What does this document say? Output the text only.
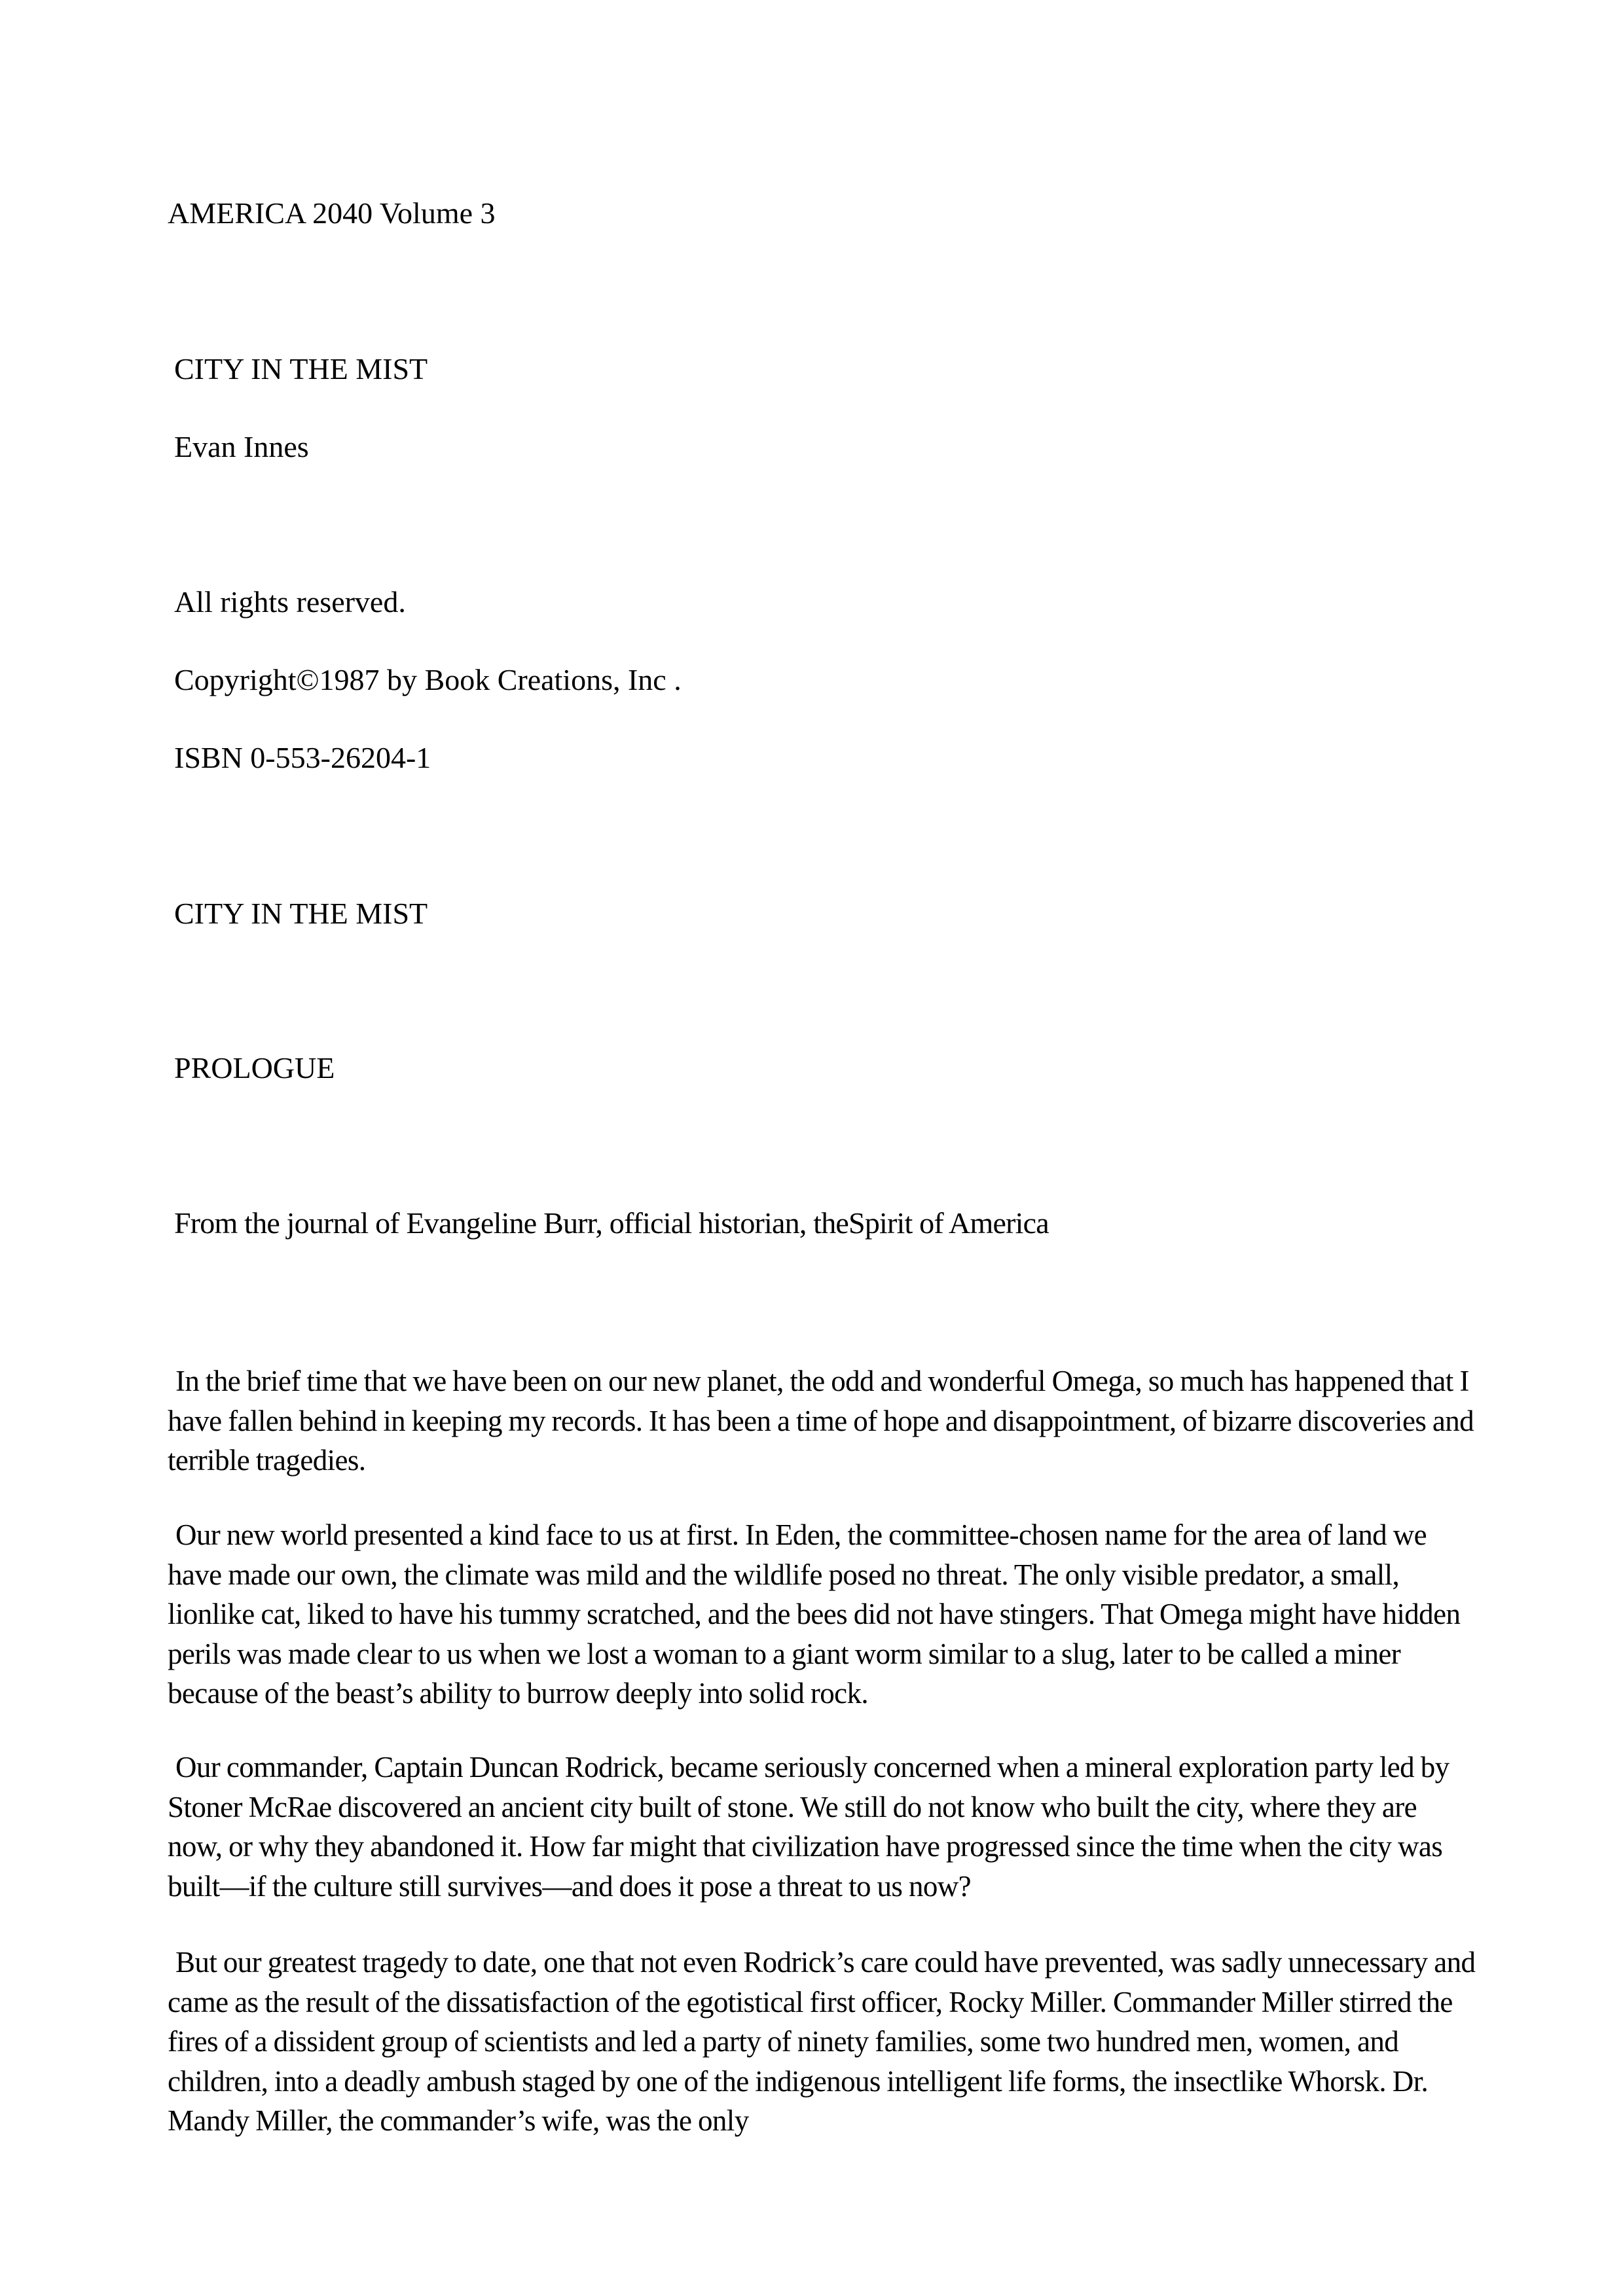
AMERICA 2040 Volume 3

CITY IN THE MIST

Evan Innes

All rights reserved.

Copyright©1987 by Book Creations, Inc .

ISBN 0-553-26204-1

CITY IN THE MIST

PROLOGUE

From the journal of Evangeline Burr, official historian, theSpirit of America

In the brief time that we have been on our new planet, the odd and wonderful Omega, so much has happened that I have fallen behind in keeping my records. It has been a time of hope and disappointment, of bizarre discoveries and terrible tragedies.

Our new world presented a kind face to us at first. In Eden, the committee-chosen name for the area of land we have made our own, the climate was mild and the wildlife posed no threat. The only visible predator, a small, lionlike cat, liked to have his tummy scratched, and the bees did not have stingers. That Omega might have hidden perils was made clear to us when we lost a woman to a giant worm similar to a slug, later to be called a miner because of the beast’s ability to burrow deeply into solid rock.

Our commander, Captain Duncan Rodrick, became seriously concerned when a mineral exploration party led by Stoner McRae discovered an ancient city built of stone. We still do not know who built the city, where they are now, or why they abandoned it. How far might that civilization have progressed since the time when the city was built—if the culture still survives—and does it pose a threat to us now?

But our greatest tragedy to date, one that not even Rodrick’s care could have prevented, was sadly unnecessary and came as the result of the dissatisfaction of the egotistical first officer, Rocky Miller. Commander Miller stirred the fires of a dissident group of scientists and led a party of ninety families, some two hundred men, women, and children, into a deadly ambush staged by one of the indigenous intelligent life forms, the insectlike Whorsk. Dr. Mandy Miller, the commander’s wife, was the only
